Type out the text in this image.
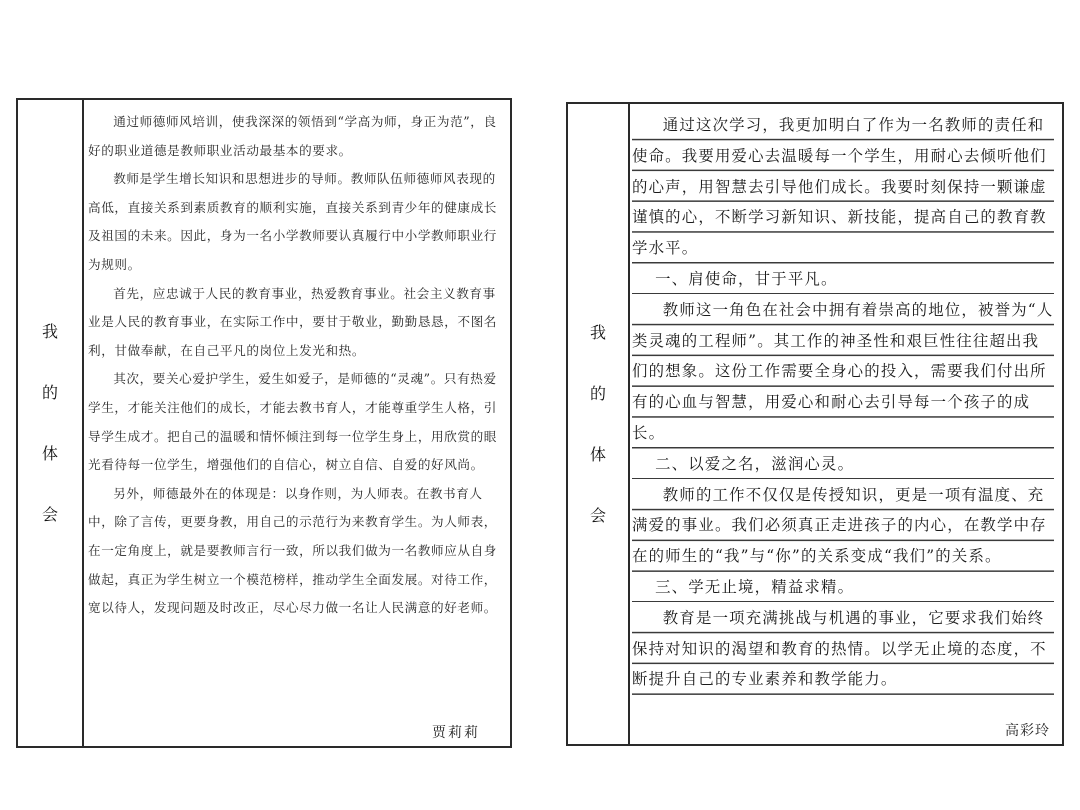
我
的
体
会

通过师德师风培训，使我深深的领悟到“学高为师，身正为范”，良好的职业道德是教师职业活动最基本的要求。

教师是学生增长知识和思想进步的导师。教师队伍师德师风表现的高低，直接关系到素质教育的顺利实施，直接关系到青少年的健康成长及祖国的未来。因此，身为一名小学教师要认真履行中小学教师职业行为规则。

首先，应忠诚于人民的教育事业，热爱教育事业。社会主义教育事业是人民的教育事业，在实际工作中，要甘于敬业，勤勤恳恳，不图名利，甘做奉献，在自己平凡的岗位上发光和热。

其次，要关心爱护学生，爱生如爱子，是师德的“灵魂”。只有热爱学生，才能关注他们的成长，才能去教书育人，才能尊重学生人格，引导学生成才。把自己的温暖和情怀倾注到每一位学生身上，用欣赏的眼光看待每一位学生，增强他们的自信心，树立自信、自爱的好风尚。

另外，师德最外在的体现是：以身作则，为人师表。在教书育人中，除了言传，更要身教，用自己的示范行为来教育学生。为人师表，在一定角度上，就是要教师言行一致，所以我们做为一名教师应从自身做起，真正为学生树立一个模范榜样，推动学生全面发展。对待工作，宽以待人，发现问题及时改正，尽心尽力做一名让人民满意的好老师。

贾莉莉
我
的
体
会

通过这次学习，我更加明白了作为一名教师的责任和使命。我要用爱心去温暖每一个学生，用耐心去倾听他们的心声，用智慧去引导他们成长。我要时刻保持一颗谦虚谨慎的心，不断学习新知识、新技能，提高自己的教育教学水平。

一、肩使命，甘于平凡。

教师这一角色在社会中拥有着崇高的地位，被誉为“人类灵魂的工程师”。其工作的神圣性和艰巨性往往超出我们的想象。这份工作需要全身心的投入，需要我们付出所有的心血与智慧，用爱心和耐心去引导每一个孩子的成长。

二、以爱之名，滋润心灵。

教师的工作不仅仅是传授知识，更是一项有温度、充满爱的事业。我们必须真正走进孩子的内心，在教学中存在的师生的“我”与“你”的关系变成“我们”的关系。

三、学无止境，精益求精。

教育是一项充满挑战与机遇的事业，它要求我们始终保持对知识的渴望和教育的热情。以学无止境的态度，不断提升自己的专业素养和教学能力。

高彩玲
